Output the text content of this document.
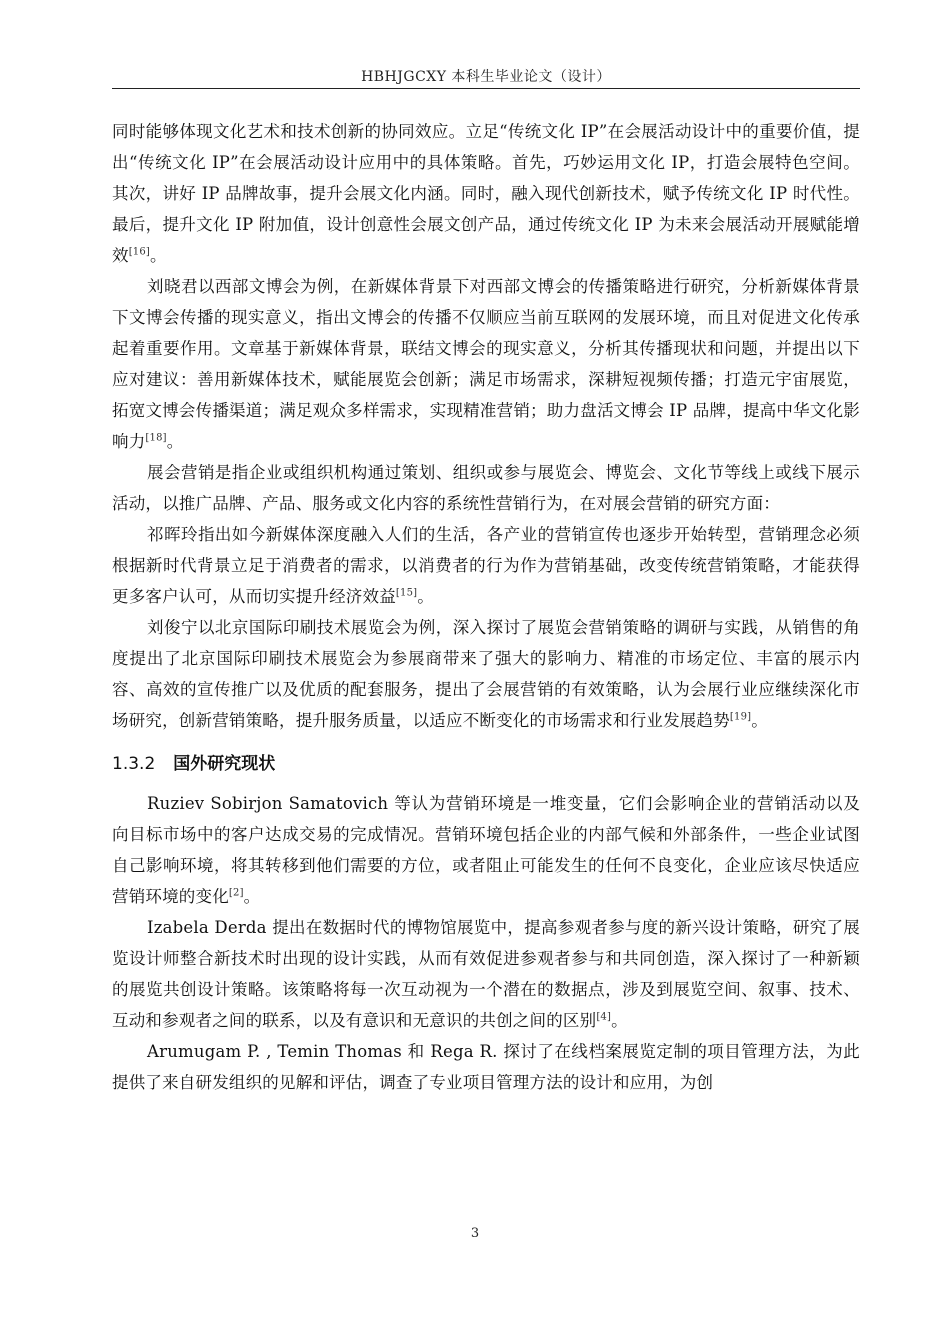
HBHJGCXY 本科生毕业论文（设计）

同时能够体现文化艺术和技术创新的协同效应。立足“传统文化 IP”在会展活动设计中的重要价值，提出“传统文化 IP”在会展活动设计应用中的具体策略。首先，巧妙运用文化 IP，打造会展特色空间。其次，讲好 IP 品牌故事，提升会展文化内涵。同时，融入现代创新技术，赋予传统文化 IP 时代性。最后，提升文化 IP 附加值，设计创意性会展文创产品，通过传统文化 IP 为未来会展活动开展赋能增效[16]。

刘晓君以西部文博会为例，在新媒体背景下对西部文博会的传播策略进行研究，分析新媒体背景下文博会传播的现实意义，指出文博会的传播不仅顺应当前互联网的发展环境，而且对促进文化传承起着重要作用。文章基于新媒体背景，联结文博会的现实意义，分析其传播现状和问题，并提出以下应对建议：善用新媒体技术，赋能展览会创新；满足市场需求，深耕短视频传播；打造元宇宙展览，拓宽文博会传播渠道；满足观众多样需求，实现精准营销；助力盘活文博会 IP 品牌，提高中华文化影响力[18]。

展会营销是指企业或组织机构通过策划、组织或参与展览会、博览会、文化节等线上或线下展示活动，以推广品牌、产品、服务或文化内容的系统性营销行为，在对展会营销的研究方面：

祁晖玲指出如今新媒体深度融入人们的生活，各产业的营销宣传也逐步开始转型，营销理念必须根据新时代背景立足于消费者的需求，以消费者的行为作为营销基础，改变传统营销策略，才能获得更多客户认可，从而切实提升经济效益[15]。

刘俊宁以北京国际印刷技术展览会为例，深入探讨了展览会营销策略的调研与实践，从销售的角度提出了北京国际印刷技术展览会为参展商带来了强大的影响力、精准的市场定位、丰富的展示内容、高效的宣传推广以及优质的配套服务，提出了会展营销的有效策略，认为会展行业应继续深化市场研究，创新营销策略，提升服务质量，以适应不断变化的市场需求和行业发展趋势[19]。

1.3.2 国外研究现状

Ruziev Sobirjon Samatovich 等认为营销环境是一堆变量，它们会影响企业的营销活动以及向目标市场中的客户达成交易的完成情况。营销环境包括企业的内部气候和外部条件，一些企业试图自己影响环境，将其转移到他们需要的方位，或者阻止可能发生的任何不良变化，企业应该尽快适应营销环境的变化[2]。

Izabela Derda 提出在数据时代的博物馆展览中，提高参观者参与度的新兴设计策略，研究了展览设计师整合新技术时出现的设计实践，从而有效促进参观者参与和共同创造，深入探讨了一种新颖的展览共创设计策略。该策略将每一次互动视为一个潜在的数据点，涉及到展览空间、叙事、技术、互动和参观者之间的联系，以及有意识和无意识的共创之间的区别[4]。

Arumugam P. , Temin Thomas 和 Rega R. 探讨了在线档案展览定制的项目管理方法，为此提供了来自研发组织的见解和评估，调查了专业项目管理方法的设计和应用，为创

3
